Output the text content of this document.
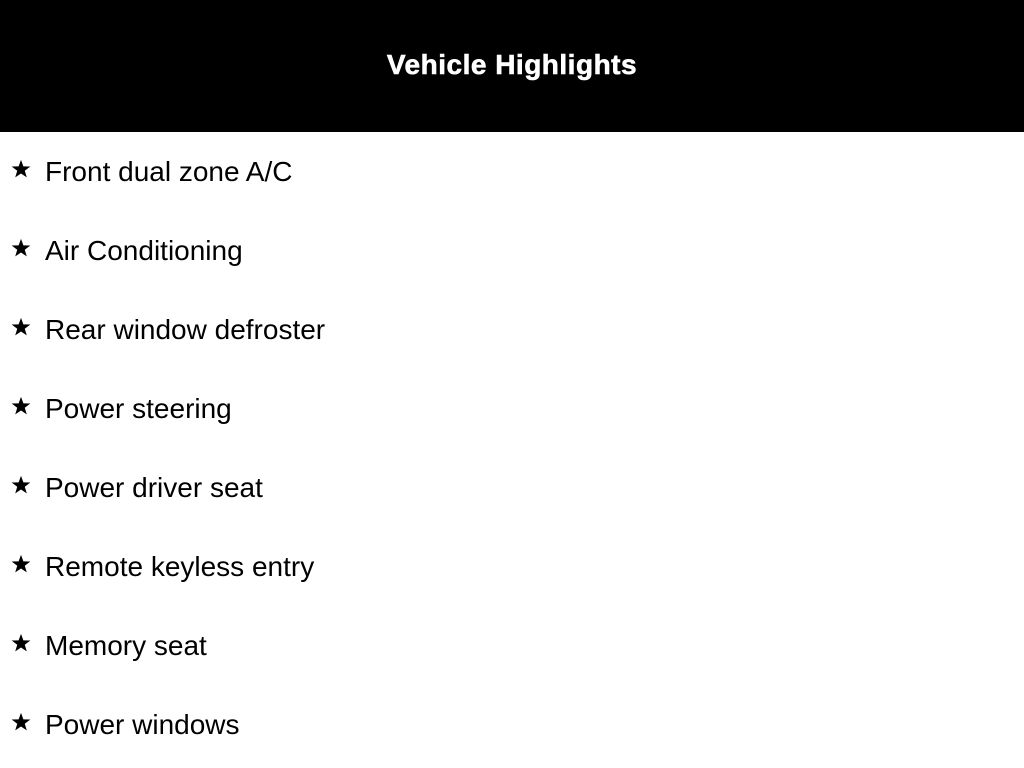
Vehicle Highlights
Front dual zone A/C
Air Conditioning
Rear window defroster
Power steering
Power driver seat
Remote keyless entry
Memory seat
Power windows
